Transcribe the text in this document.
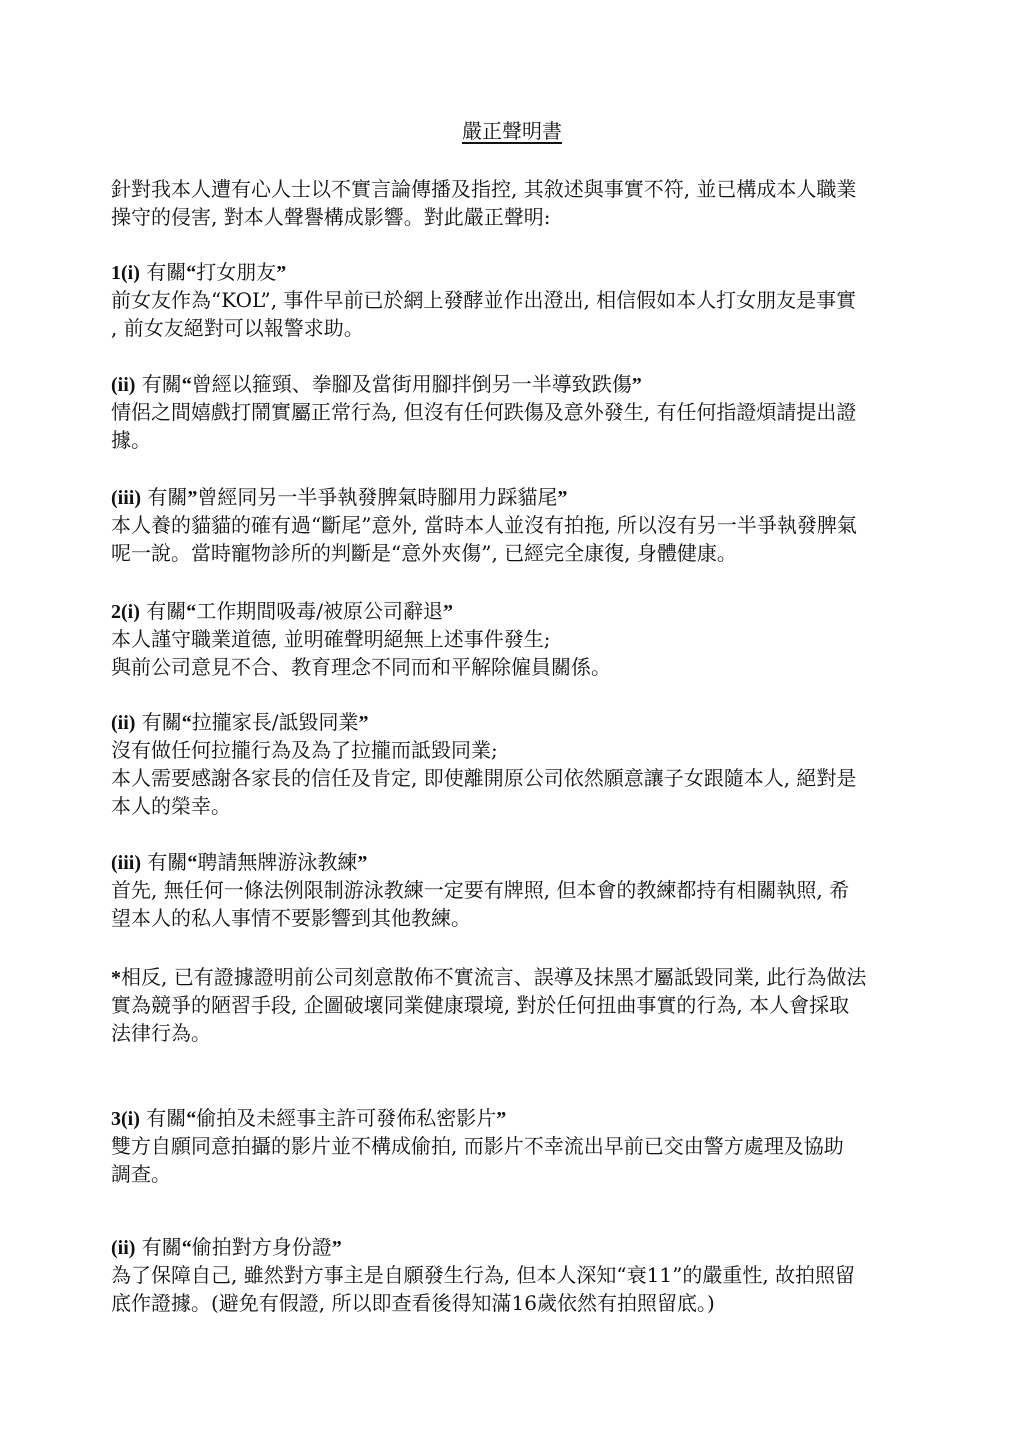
嚴正聲明書
針對我本人遭有心人士以不實言論傳播及指控, 其敘述與事實不符, 並已構成本人職業
操守的侵害, 對本人聲譽構成影響。對此嚴正聲明:
1(i) 有關“打女朋友”
前女友作為“KOL”, 事件早前已於網上發酵並作出澄出, 相信假如本人打女朋友是事實
, 前女友絕對可以報警求助。
(ii) 有關“曾經以箍頸、拳腳及當街用腳拌倒另一半導致跌傷”
情侶之間嬉戲打鬧實屬正常行為, 但沒有任何跌傷及意外發生, 有任何指證煩請提出證
據。
(iii) 有關”曾經同另一半爭執發脾氣時腳用力踩貓尾”
本人養的貓貓的確有過“斷尾”意外, 當時本人並沒有拍拖, 所以沒有另一半爭執發脾氣
呢一說。當時寵物診所的判斷是“意外夾傷”, 已經完全康復, 身體健康。
2(i) 有關“工作期間吸毒/被原公司辭退”
本人謹守職業道德, 並明確聲明絕無上述事件發生;
與前公司意見不合、教育理念不同而和平解除僱員關係。
(ii) 有關“拉攏家長/詆毀同業”
沒有做任何拉攏行為及為了拉攏而詆毀同業;
本人需要感謝各家長的信任及肯定, 即使離開原公司依然願意讓子女跟隨本人, 絕對是
本人的榮幸。
(iii) 有關“聘請無牌游泳教練”
首先, 無任何一條法例限制游泳教練一定要有牌照, 但本會的教練都持有相關執照, 希
望本人的私人事情不要影響到其他教練。
*相反, 已有證據證明前公司刻意散佈不實流言、誤導及抹黑才屬詆毀同業, 此行為做法
實為競爭的陋習手段, 企圖破壞同業健康環境, 對於任何扭曲事實的行為, 本人會採取
法律行為。
3(i) 有關“偷拍及未經事主許可發佈私密影片”
雙方自願同意拍攝的影片並不構成偷拍, 而影片不幸流出早前已交由警方處理及協助
調查。
(ii) 有關“偷拍對方身份證”
為了保障自己, 雖然對方事主是自願發生行為, 但本人深知“衰11”的嚴重性, 故拍照留
底作證據。(避免有假證, 所以即查看後得知滿16歲依然有拍照留底。)
